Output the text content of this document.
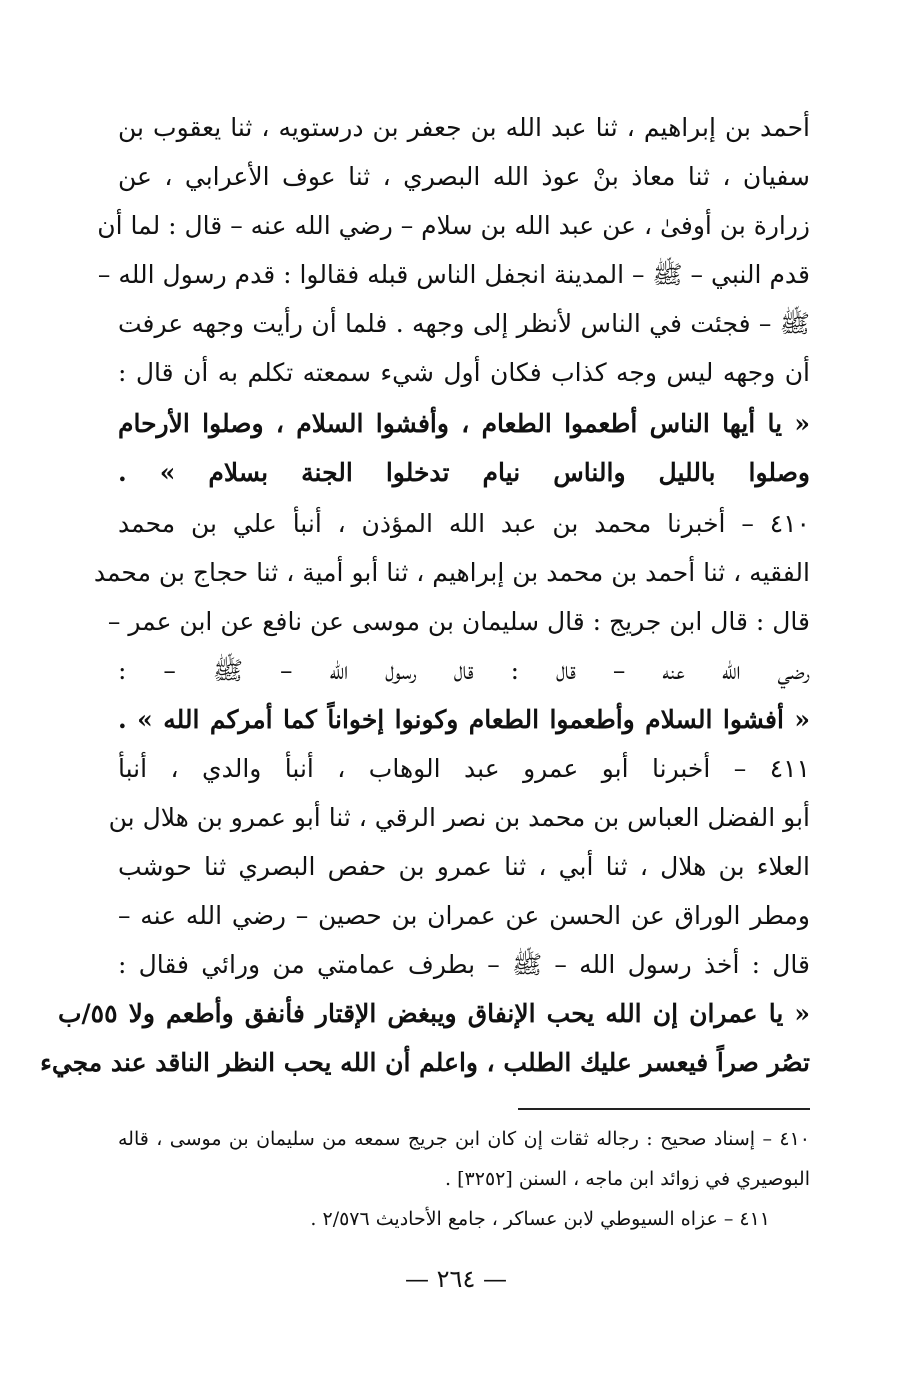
أحمد بن إبراهيم ، ثنا عبد الله بن جعفر بن درستويه ، ثنا يعقوب بن
سفيان ، ثنا معاذ بنْ عوذ الله البصري ، ثنا عوف الأعرابي ، عن
زرارة بن أوفىٰ ، عن عبد الله بن سلام – رضي الله عنه – قال : لما أن
قدم النبي – ﷺ – المدينة انجفل الناس قبله فقالوا : قدم رسول الله –
ﷺ – فجئت في الناس لأنظر إلى وجهه . فلما أن رأيت وجهه عرفت
أن وجهه ليس وجه كذاب فكان أول شيء سمعته تكلم به أن قال :
« يا أيها الناس أطعموا الطعام ، وأفشوا السلام ، وصلوا الأرحام
وصلوا بالليل والناس نيام تدخلوا الجنة بسلام » .
٤١٠ – أخبرنا محمد بن عبد الله المؤذن ، أنبأ علي بن محمد
الفقيه ، ثنا أحمد بن محمد بن إبراهيم ، ثنا أبو أمية ، ثنا حجاج بن محمد
قال : قال ابن جريج : قال سليمان بن موسى عن نافع عن ابن عمر –
رضي الله عنه – قال : قال رسول الله – ﷺ – :
« أفشوا السلام وأطعموا الطعام وكونوا إخواناً كما أمركم الله » .
٤١١ – أخبرنا أبو عمرو عبد الوهاب ، أنبأ والدي ، أنبأ
أبو الفضل العباس بن محمد بن نصر الرقي ، ثنا أبو عمرو بن هلال بن
العلاء بن هلال ، ثنا أبي ، ثنا عمرو بن حفص البصري ثنا حوشب
ومطر الوراق عن الحسن عن عمران بن حصين – رضي الله عنه –
قال : أخذ رسول الله – ﷺ – بطرف عمامتي من ورائي فقال :
« يا عمران إن الله يحب الإنفاق ويبغض الإقتار فأنفق وأطعم ولا ٥٥/ب
تصُر صراً فيعسر عليك الطلب ، واعلم أن الله يحب النظر الناقد عند مجيء
٤١٠ – إسناد صحيح : رجاله ثقات إن كان ابن جريج سمعه من سليمان بن موسى ، قاله
البوصيري في زوائد ابن ماجه ، السنن [٣٢٥٢] .
٤١١ – عزاه السيوطي لابن عساكر ، جامع الأحاديث ٢/٥٧٦ .
— ٢٦٤ —
